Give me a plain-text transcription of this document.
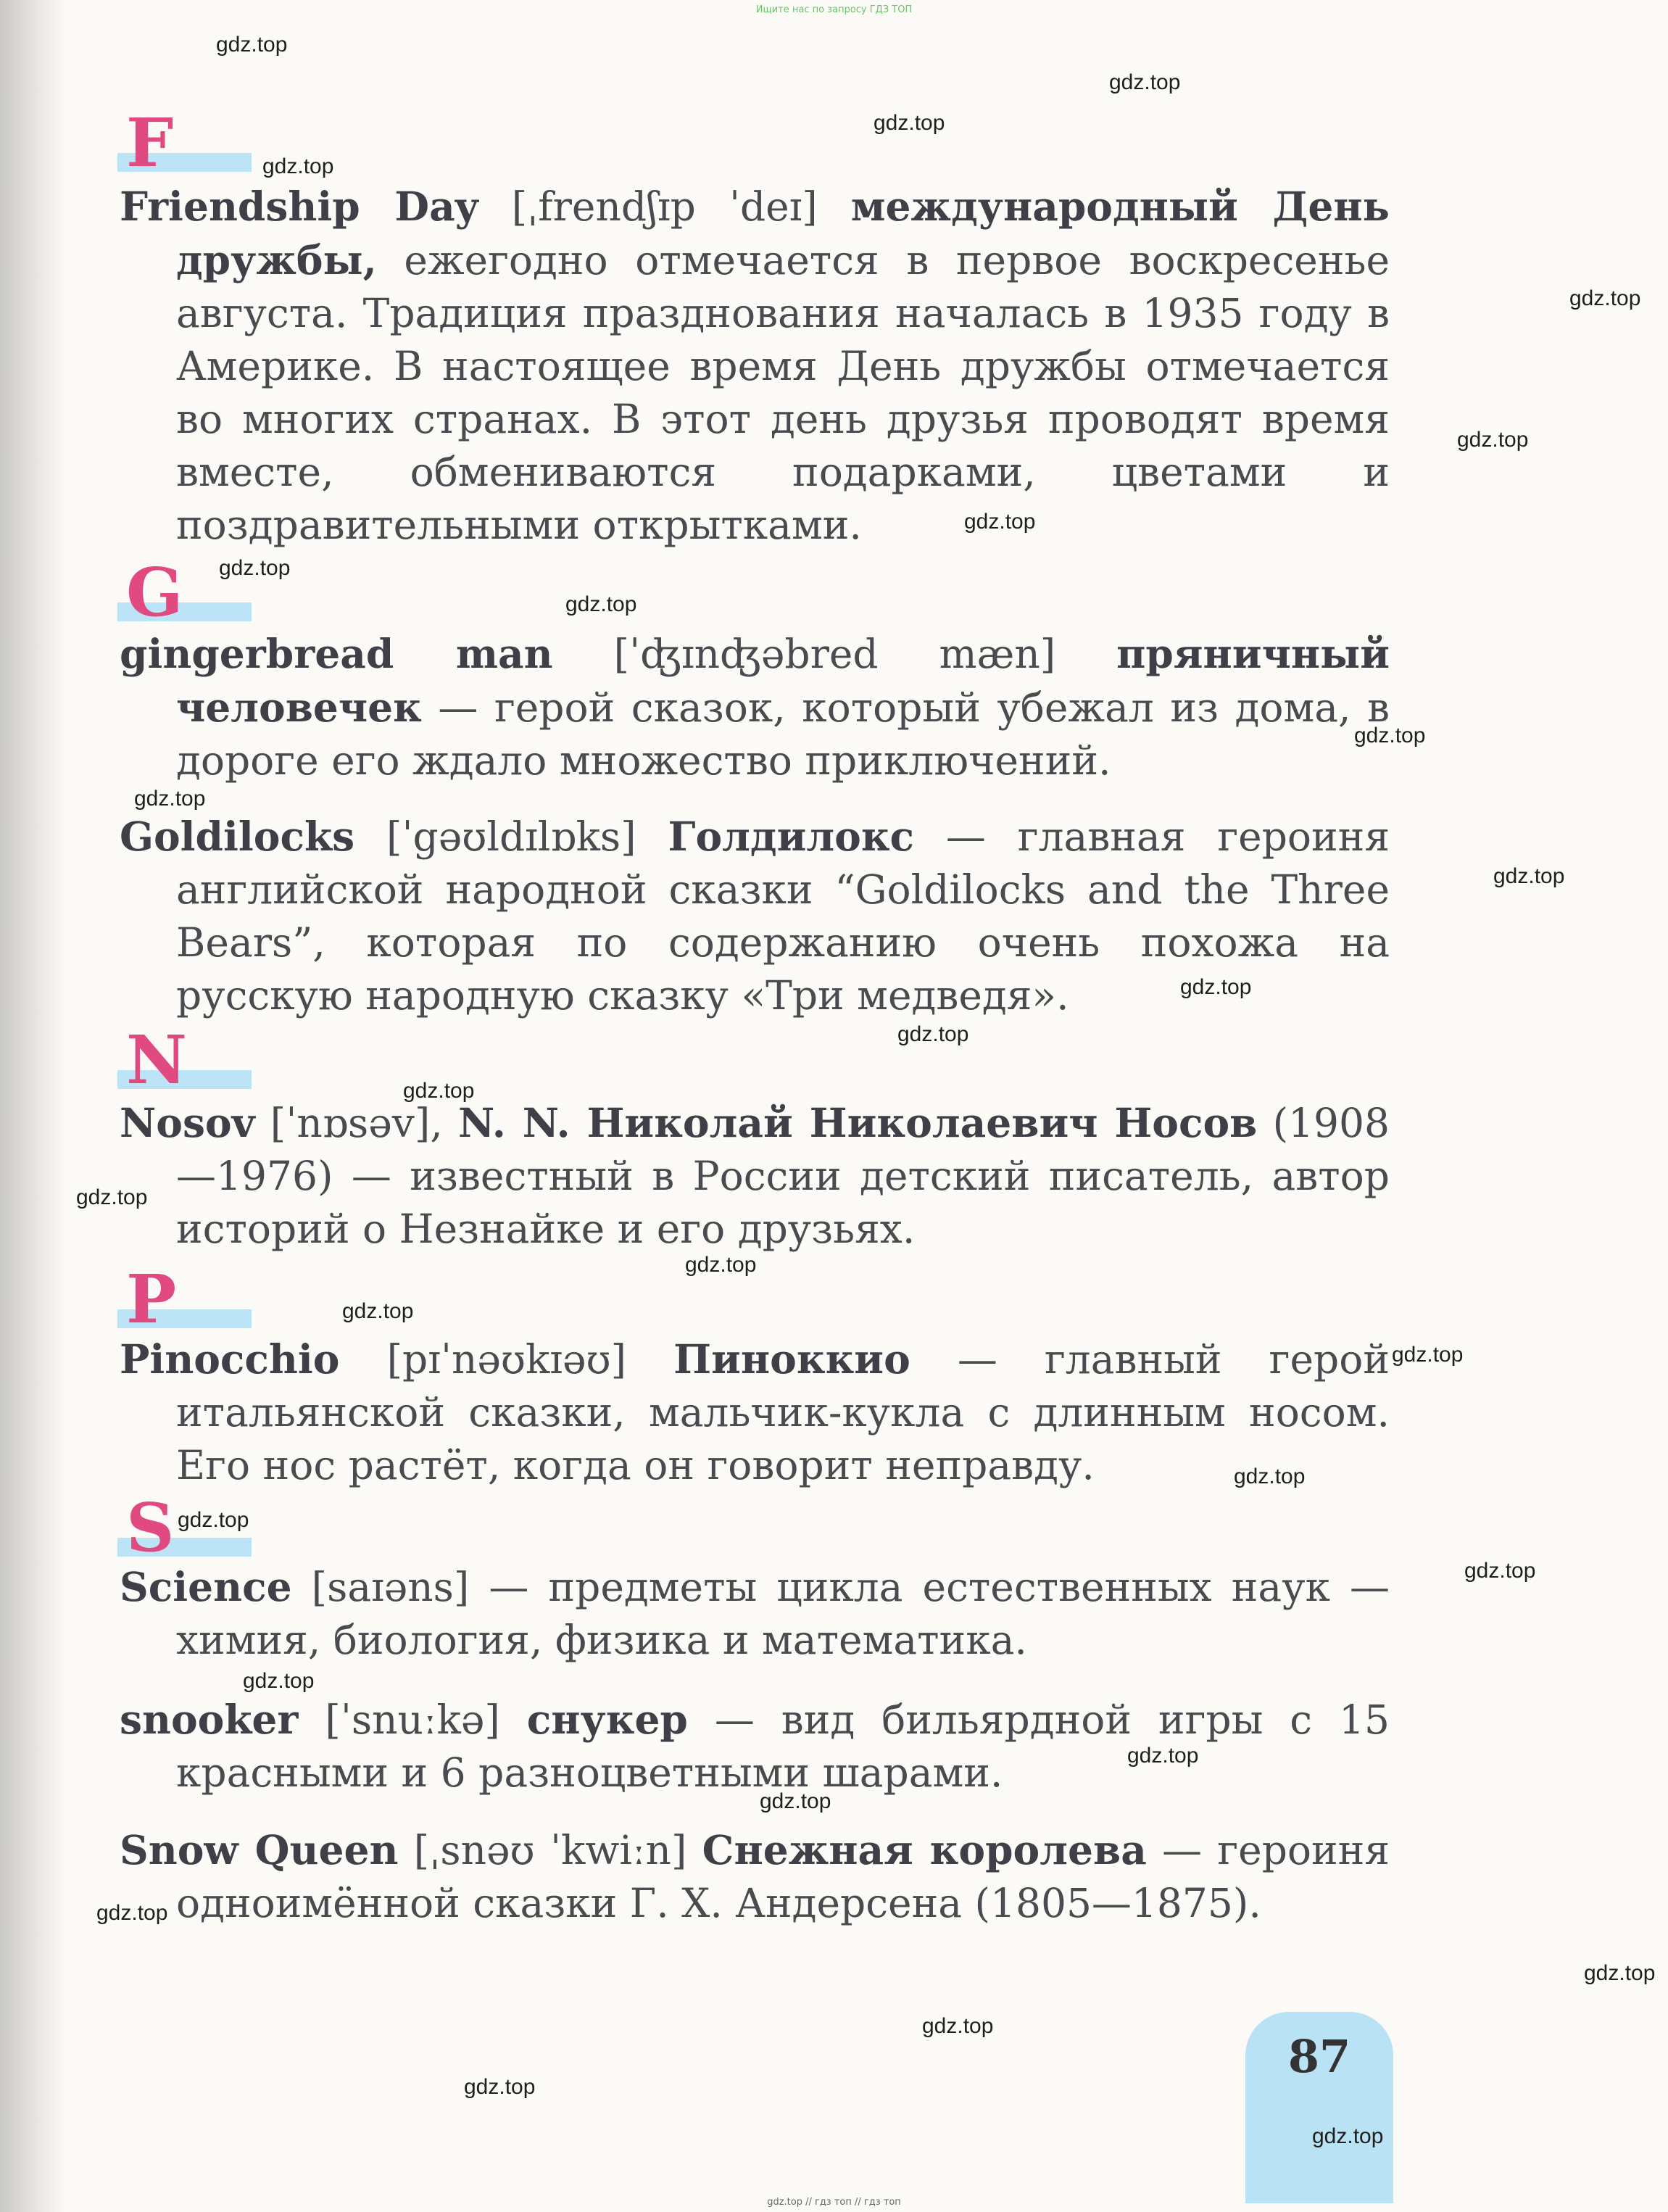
Ищите нас по запросу ГДЗ ТОП
F
G
N
P
S
Friendship Day [ˌfrendʃɪp ˈdeɪ] международный День дружбы, ежегодно отмечается в первое воскресенье августа. Традиция празднования началась в 1935 году в Америке. В настоящее время День дружбы отмечается во многих странах. В этот день друзья проводят время вместе, обмениваются подарками, цветами и поздравительными открытками.
gingerbread man [ˈʤɪnʤəbred mæn] пряничный человечек — герой сказок, который убежал из дома, в дороге его ждало множество приключений.
Goldilocks [ˈgəʊldɪlɒks] Голдилокс — главная героиня английской народной сказки “Goldilocks and the Three Bears”, которая по содержанию очень похожа на русскую народную сказку «Три медведя».
Nosov [ˈnɒsəv], N. N. Николай Николаевич Носов (1908—1976) — известный в России детский писатель, автор историй о Незнайке и его друзьях.
Pinocchio [pɪˈnəʊkɪəʊ] Пиноккио — главный герой итальянской сказки, мальчик-кукла с длинным носом. Его нос растёт, когда он говорит неправду.
Science [saɪəns] — предметы цикла естественных наук — химия, биология, физика и математика.
snooker [ˈsnuːkə] снукер — вид бильярдной игры с 15 красными и 6 разноцветными шарами.
Snow Queen [ˌsnəʊ ˈkwiːn] Снежная королева — героиня одноимённой сказки Г. Х. Андерсена (1805—1875).
87
gdz.top
gdz.top
gdz.top
gdz.top
gdz.top
gdz.top
gdz.top
gdz.top
gdz.top
gdz.top
gdz.top
gdz.top
gdz.top
gdz.top
gdz.top
gdz.top
gdz.top
gdz.top
gdz.top
gdz.top
gdz.top
gdz.top
gdz.top
gdz.top
gdz.top
gdz.top
gdz.top
gdz.top
gdz.top
gdz.top
gdz.top // гдз топ // гдз топ
